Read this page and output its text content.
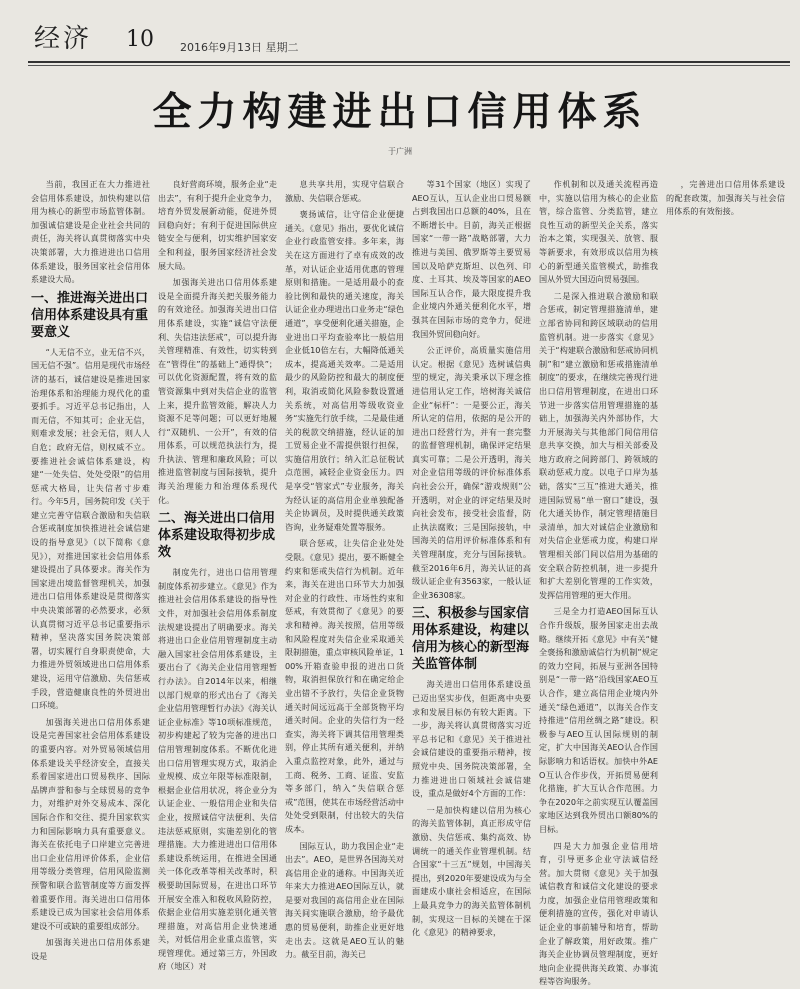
经济 10 2016年9月13日 星期二
全力构建进出口信用体系
于广洲

当前，我国正在大力推进社会信用体系建设，加快构建以信用为核心的新型市场监管体制。加强诚信建设是企业社会共同的责任，海关将认真贯彻落实中央决策部署，大力推进进出口信用体系建设，服务国家社会信用体系建设大局。

一、推进海关进出口信用体系建设具有重要意义

“人无信不立，业无信不兴，国无信不强”。信用是现代市场经济的基石，诚信建设是推进国家治理体系和治理能力现代化的重要抓手。习近平总书记指出，人而无信，不知其可；企业无信，则难求发展；社会无信，则人人自危；政府无信，则权威不立。要推进社会诚信体系建设，构建“一处失信、处处受限”的信用惩戒大格局，让失信者寸步难行。今年5月，国务院印发《关于建立完善守信联合激励和失信联合惩戒制度加快推进社会诚信建设的指导意见》（以下简称《意见》），对推进国家社会信用体系建设提出了具体要求。海关作为国家进出境监督管理机关，加强进出口信用体系建设是贯彻落实中央决策部署的必然要求，必须认真贯彻习近平总书记重要指示精神，坚决落实国务院决策部署，切实履行自身职责使命，大力推进外贸领域进出口信用体系建设，运用守信激励、失信惩戒手段，营造健康良性的外贸进出口环境。

加强海关进出口信用体系建设是完善国家社会信用体系建设的重要内容。对外贸易领域信用体系建设关乎经济安全，直接关系着国家进出口贸易秩序、国际品牌声誉和参与全球贸易的竞争力，对维护对外交易成本、深化国际合作和交往、提升国家软实力和国际影响力具有重要意义。海关在依托电子口岸建立完善进出口企业信用评价体系，企业信用等级分类管理，信用风险监测预警和联合监管制度等方面发挥着重要作用。海关进出口信用体系建设已成为国家社会信用体系建设不可或缺的重要组成部分。

加强海关进出口信用体系建设是

良好营商环境，服务企业“走出去”，有利于提升企业竞争力，培育外贸发展新动能，促进外贸回稳向好；有利于促进国际供应链安全与便利，切实维护国家安全和利益，服务国家经济社会发展大局。

加强海关进出口信用体系建设是全面提升海关把关服务能力的有效途径。加强海关进出口信用体系建设，实施“诚信守法便利、失信违法惩戒”，可以提升海关管理精准、有效性，切实转到在“管得住”的基础上“通得快”；可以优化资源配置，将有效的监管资源集中到对失信企业的监管上来，提升监管效能，解决人力资源不足等问题；可以更好地履行“双随机、一公开”，有效的信用体系，可以规范执法行为，提升执法、管理和廉政风险；可以推进监管制度与国际接轨，提升海关治理能力和治理体系现代化。

二、海关进出口信用体系建设取得初步成效

制度先行，进出口信用管理制度体系初步建立。《意见》作为推进社会信用体系建设的指导性文件，对加强社会信用体系制度法规建设提出了明确要求。海关将进出口企业信用管理制度主动融入国家社会信用体系建设，主要出台了《海关企业信用管理暂行办法》。自2014年以来，相继以部门规章的形式出台了《海关企业信用管理暂行办法》《海关认证企业标准》等10项标准规范，初步构建起了较为完备的进出口信用管理制度体系。不断优化进出口信用管理实现方式，取消企业规模、成立年限等标准限制，根据企业信用状况，将企业分为认证企业、一般信用企业和失信企业，按照诚信守法便利、失信违法惩戒原则，实施差别化的管理措施。大力推进进出口信用体系建设系统运用，在推进全国通关一体化改革等相关改革时，积极要助国际贸易，在进出口环节开展安全准入和税收风险防控，依据企业信用实施差别化通关管理措施，对高信用企业快速通关，对低信用企业重点监管，实现管理优。通过第三方，外国政府（地区）对

息共享共用，实现守信联合激励、失信联合惩戒。

褒扬诚信，让守信企业便捷通关。《意见》指出，要优化诚信企业行政监管安排。多年来，海关在这方面进行了卓有成效的改革，对认证企业适用优惠的管理原则和措施。一是适用最小的查验比例和最快的通关速度，海关认证企业办理进出口业务走“绿色通道”，享受便利化通关措施，企业进出口平均查验率比一般信用企业低10倍左右，大幅降低通关成本，提高通关效率。二是适用最少的风险防控和最大的制度便利，取消或简化风险参数设置通关系统，对高信用等级收资业务“实施先行放手续，二是最佳通关的税款交纳措施，经认证的加工贸易企业不需提供银行担保，实施信用放行；纳入汇总征税试点范围，减轻企业资金压力。四是享受“管家式”专业服务，海关为经认证的高信用企业单独配备关企协调员，及时提供通关政策咨询，业务疑难处置等服务。

联合惩戒，让失信企业处处受限。《意见》提出，要不断健全约束和惩戒失信行为机制。近年来，海关在进出口环节大力加强对企业的行政性、市场性约束和惩戒，有效贯彻了《意见》的要求和精神。海关按照，信用等级和风险程度对失信企业采取通关限制措施，重点审核风险单证，100%开箱查验申报的进出口货物，取消担保放行和在确定给企业出错不予放行，失信企业货物通关时间远远高于全部货物平均通关时间。企业的失信行为一经查实，海关将下调其信用管理类别，停止其所有通关便利，并纳入重点监控对象，此外，通过与工商、税务、工商、证监、安监等多部门，纳入“失信联合惩戒”范围，使其在市场经营活动中处处受到限制，付出较大的失信成本。

国际互认，助力我国企业“走出去”。AEO，是世界各国海关对高信用企业的通称。中国海关近年来大力推进AEO国际互认，就是要对我国的高信用企业在国际海关间实施联合激励，给予最优惠的贸易便利，助推企业更好地走出去。这就是AEO互认的魅力。截至目前，海关已

等31个国家（地区）实现了AEO互认，互认企业出口贸易额占到我国出口总额的40%，且在不断增长中。目前，海关正根据国家“一带一路”战略部署，大力推进与美国、俄罗斯等主要贸易国以及哈萨克斯坦、以色列、印度、土耳其、埃及等国家的AEO国际互认合作，最大限度提升我企业境内外通关便利化水平，增强其在国际市场的竞争力，促进我国外贸回稳向好。

公正评价，高质量实施信用认定。根据《意见》选树诚信典型的规定，海关秉承以下理念推进信用认定工作，培树海关诚信企业“标杆”：一是要公正，海关所认定的信用，依据的是公开的进出口经营行为，并有一套完整的监督管理机制，确保评定结果真实可靠；二是公开透明，海关对企业信用等级的评价标准体系向社会公开，确保“游戏规则”公开透明，对企业的评定结果及时向社会发布，接受社会监督，防止执法腐败；三是国际接轨，中国海关的信用评价标准体系和有关管理制度，充分与国际接轨。截至2016年6月，海关认证的高级认证企业有3563家，一般认证企业36308家。

三、积极参与国家信用体系建设，构建以信用为核心的新型海关监管体制

海关进出口信用体系建设虽已迈出坚实步伐，但距离中央要求和发展目标仍有较大距离。下一步，海关将认真贯彻落实习近平总书记和《意见》关于推进社会诚信建设的重要指示精神，按照党中央、国务院决策部署，全力推进进出口领域社会诚信建设，重点是做好4个方面的工作：

一是加快构建以信用为核心的海关监管体制，真正形成守信激励、失信惩戒、集约高效、协调统一的通关作业管理机制。结合国家“十三五”规划，中国海关提出，到2020年要建设成为与全面建成小康社会相适应，在国际上最具竞争力的海关监管体制机制，实现这一目标的关键在于深化《意见》的精神要求，

作机制和以及通关流程再造中，实施以信用为核心的企业监管，综合监管、分类监管，建立良性互动的新型关企关系，落实治本之策，实现强关、放管、服等新要求，有效形成以信用为核心的新型通关监管模式，助推我国从外贸大国迈向贸易强国。

二是深入推进联合激励和联合惩戒，制定管理措施清单，建立部省协同和跨区域联动的信用监管机制。进一步落实《意见》关于“构建联合激励和惩戒协同机制”和“建立激励和惩戒措施清单制度”的要求，在继续完善现行进出口信用管理制度，在进出口环节进一步落实信用管理措施的基础上，加强海关内外部协作，大力开展海关与其他部门间信用信息共享交换，加大与相关部委及地方政府之间跨部门、跨领域的联动惩戒力度。以电子口岸为基础，落实“三互”推进大通关，推进国际贸易“单一窗口”建设，强化大通关协作，制定管理措施目录清单，加大对诚信企业激励和对失信企业惩戒力度，构建口岸管理相关部门间以信用为基础的安全联合防控机制，进一步提升和扩大差别化管理的工作实效，发挥信用管理的更大作用。

三是全力打造AEO国际互认合作升级版，服务国家走出去战略。继续开拓《意见》中有关“健全褒扬和激励诚信行为机制”规定的效力空间，拓展与亚洲各国特别是“一带一路”沿线国家AEO互认合作，建立高信用企业境内外通关“绿色通道”，以海关合作支持推进“信用丝绸之路”建设。积极参与AEO互认国际规则的制定，扩大中国海关AEO认合作国际影响力和话语权。加快中外AEO互认合作步伐，开拓贸易便利化措施，扩大互认合作范围。力争在2020年之前实现互认覆盖国家地区达到我外贸出口额80%的目标。

四是大力加强企业信用培育，引导更多企业守法诚信经营。加大贯彻《意见》关于加强诚信教育和诚信文化建设的要求力度，加强企业信用管理政策和便利措施的宣传，强化对申请认证企业的事前辅导和培育，帮助企业了解政策，用好政策。推广海关企业协调员管理制度，更好地向企业提供海关政策、办事流程等咨询服务。

，完善进出口信用体系建设的配套政策，加强海关与社会信用体系的有效衔接。
